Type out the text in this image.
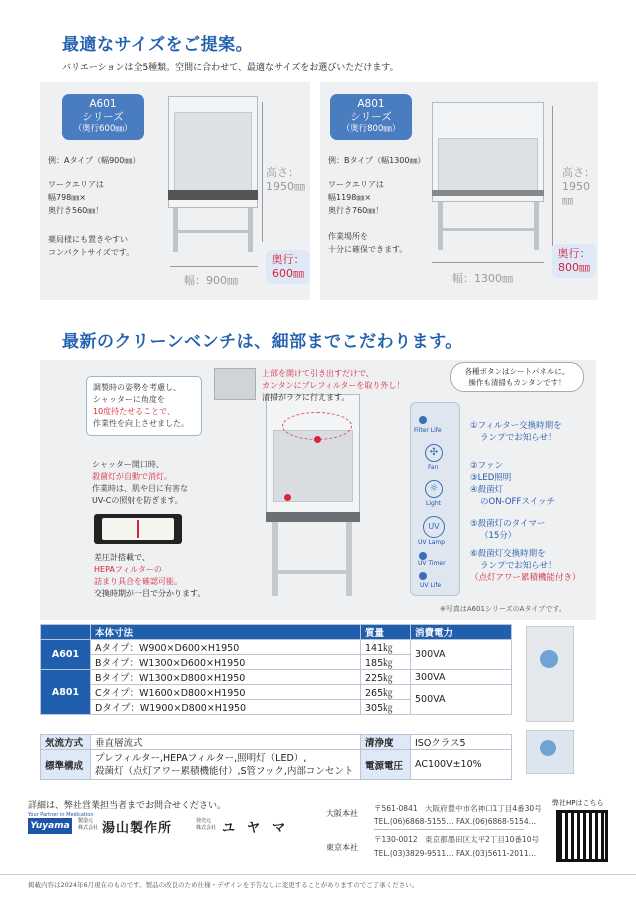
最適なサイズをご提案。
バリエーションは全5種類。空間に合わせて、最適なサイズをお選びいただけます。
A601
シリーズ
（奥行600㎜）
例：Aタイプ（幅900㎜）
ワークエリアは
幅798㎜×
奥行き560㎜！
薬局様にも置きやすい
コンパクトサイズです。
高さ：
1950㎜
奥行：
600㎜
幅：900㎜
A801
シリーズ
（奥行800㎜）
例：Bタイプ（幅1300㎜）
ワークエリアは
幅1198㎜×
奥行き760㎜！
作業場所を
十分に確保できます。
高さ：
1950㎜
奥行：
800㎜
幅：1300㎜
最新のクリーンベンチは、細部までこだわります。
調製時の姿勢を考慮し、
シャッターに角度を
10度持たせることで、
作業性を向上させました。
上部を開けて引き出すだけで、
カンタンにプレフィルターを取り外し！
清掃がラクに行えます。
各種ボタンはシートパネルに。
操作も清掃もカンタンです！
シャッター開口時、
殺菌灯が自動で消灯。
作業時は、肌や目に有害な
UV-Cの照射を防ぎます。
差圧計搭載で、
HEPAフィルターの
詰まり具合を確認可能。
交換時期が一目で分かります。
Filter Life
✣
Fan
☼
Light
UV
UV Lamp
UV Timer
UV Life
①フィルター交換時期を
ランプでお知らせ！
②ファン
③LED照明
④殺菌灯
のON-OFFスイッチ
⑤殺菌灯のタイマー
（15分）
⑥殺菌灯交換時期を
ランプでお知らせ！
（点灯アワー累積機能付き）
※写真はA601シリーズのAタイプです。
	本体寸法	質量	消費電力
A601	Aタイプ：W900×D600×H1950	141㎏	300VA
	Bタイプ：W1300×D600×H1950	185㎏	
A801	Bタイプ：W1300×D800×H1950	225㎏	300VA
	Cタイプ：W1600×D800×H1950	265㎏	500VA
	Dタイプ：W1900×D800×H1950	305㎏	
気流方式	垂直層流式	清浄度	ISOクラス5
標準構成	プレフィルター,HEPAフィルター,照明灯（LED）,
殺菌灯（点灯アワー累積機能付）,S管フック,内部コンセント	電源電圧	AC100V±10%
詳細は、弊社営業担当者までお問合せください。
Your Partner in Medication
Yuyama	製造元
株式会社 湯山製作所	発売元
株式会社 ユヤマ
大阪本社
〒561-0841　大阪府豊中市名神口1丁目4番30号
TEL.(06)6868-5155… FAX.(06)6868-5154…
東京本社
〒130-0012　東京都墨田区太平2丁目10番10号
TEL.(03)3829-9511… FAX.(03)5611-2011…
弊社HPはこちら
掲載内容は2024年6月現在のものです。製品の改良のため仕様・デザインを予告なしに変更することがありますのでご了承ください。
